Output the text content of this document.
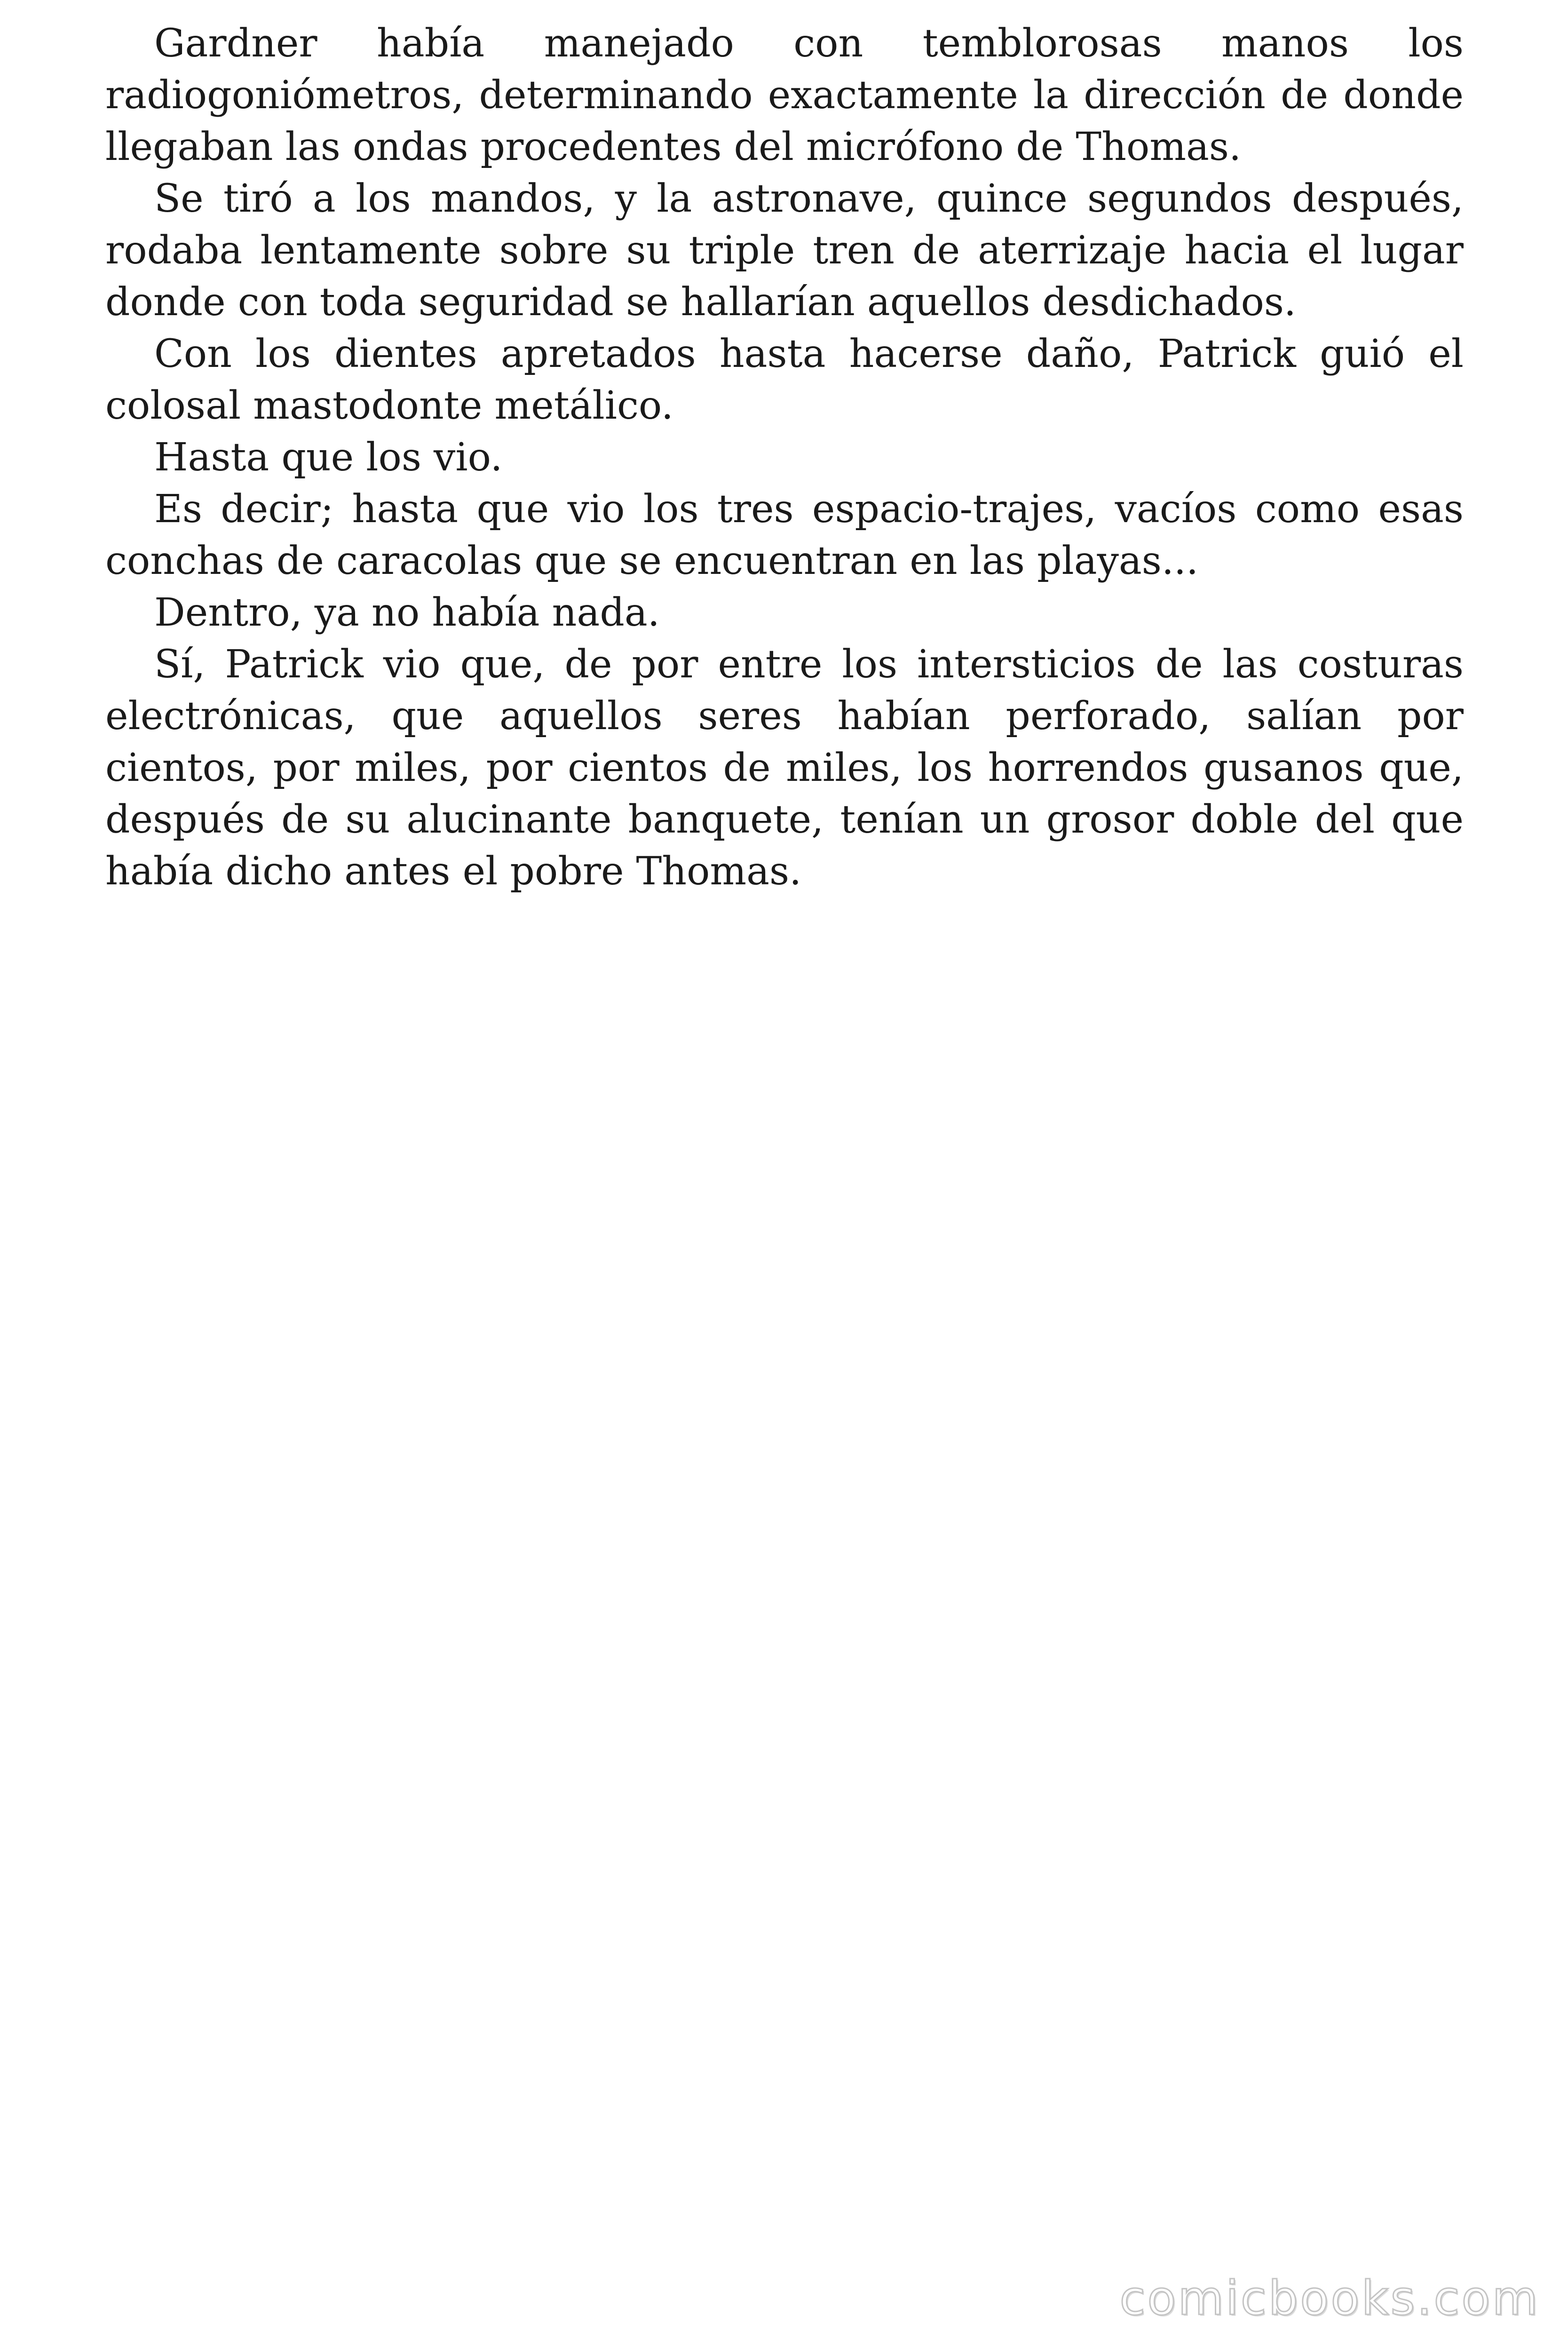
Gardner había manejado con temblorosas manos los radiogoniómetros, determinando exactamente la dirección de donde llegaban las ondas procedentes del micrófono de Thomas.

Se tiró a los mandos, y la astronave, quince segundos después, rodaba lentamente sobre su triple tren de aterrizaje hacia el lugar donde con toda seguridad se hallarían aquellos desdichados.

Con los dientes apretados hasta hacerse daño, Patrick guió el colosal mastodonte metálico.

Hasta que los vio.

Es decir; hasta que vio los tres espacio-trajes, vacíos como esas conchas de caracolas que se encuentran en las playas...

Dentro, ya no había nada.

Sí, Patrick vio que, de por entre los intersticios de las costuras electrónicas, que aquellos seres habían perforado, salían por cientos, por miles, por cientos de miles, los horrendos gusanos que, después de su alucinante banquete, tenían un grosor doble del que había dicho antes el pobre Thomas.

comicbooks.com
